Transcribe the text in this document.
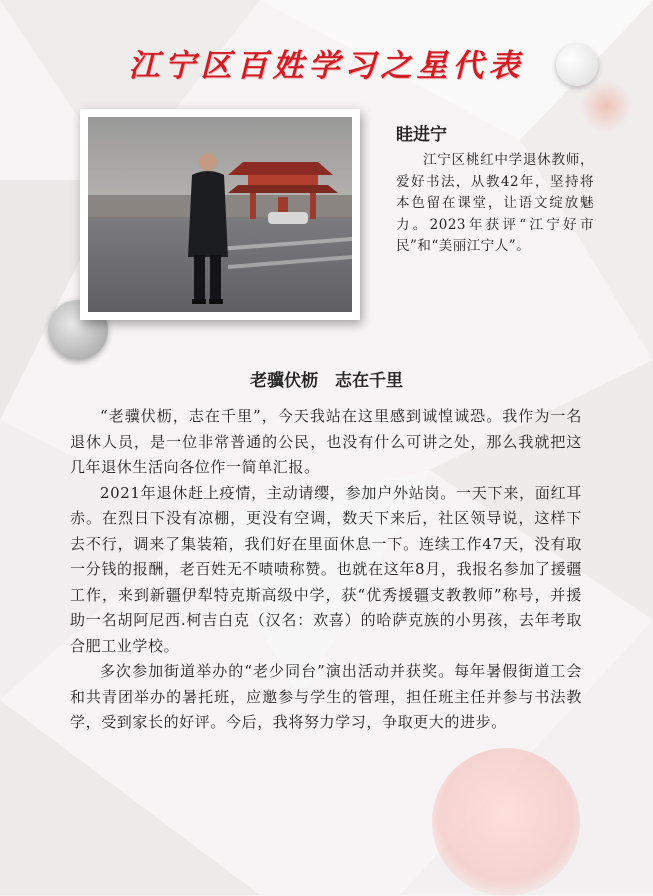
江宁区百姓学习之星代表
眭进宁
江宁区桃红中学退休教师，爱好书法，从教42年，坚持将本色留在课堂，让语文绽放魅力。2023年获评“江宁好市民”和“美丽江宁人”。
老骥伏枥　志在千里

“老骥伏枥，志在千里”，今天我站在这里感到诚惶诚恐。我作为一名退休人员，是一位非常普通的公民，也没有什么可讲之处，那么我就把这几年退休生活向各位作一简单汇报。

2021年退休赶上疫情，主动请缨，参加户外站岗。一天下来，面红耳赤。在烈日下没有凉棚，更没有空调，数天下来后，社区领导说，这样下去不行，调来了集装箱，我们好在里面休息一下。连续工作47天，没有取一分钱的报酬，老百姓无不啧啧称赞。也就在这年8月，我报名参加了援疆工作，来到新疆伊犁特克斯高级中学，获“优秀援疆支教教师”称号，并援助一名胡阿尼西.柯吉白克（汉名：欢喜）的哈萨克族的小男孩，去年考取合肥工业学校。

多次参加街道举办的“老少同台”演出活动并获奖。每年暑假街道工会和共青团举办的暑托班，应邀参与学生的管理，担任班主任并参与书法教学，受到家长的好评。今后，我将努力学习，争取更大的进步。
